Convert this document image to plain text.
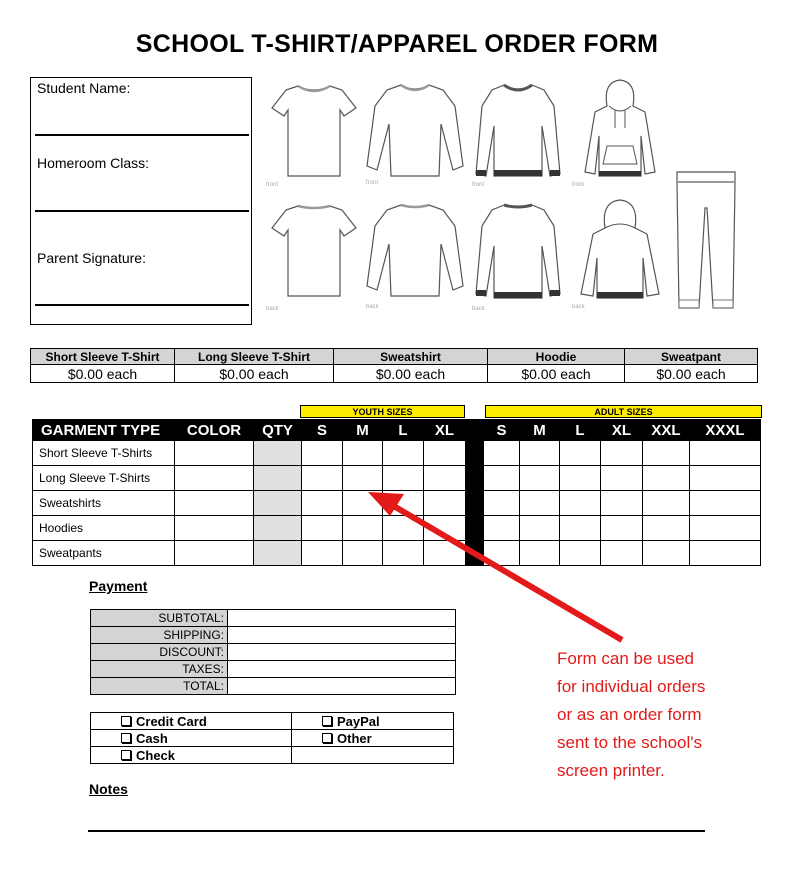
SCHOOL T-SHIRT/APPAREL ORDER FORM
Student Name:
Homeroom Class:
Parent Signature:
front	front	front	front
back	back	back	back
Short Sleeve T-Shirt	Long Sleeve T-Shirt	Sweatshirt	Hoodie	Sweatpant
$0.00 each	$0.00 each	$0.00 each	$0.00 each	$0.00 each
YOUTH SIZES	ADULT SIZES
GARMENT TYPE	COLOR	QTY	S	M	L	XL		S	M	L	XL	XXL	XXXL
Short Sleeve T-Shirts													
Long Sleeve T-Shirts													
Sweatshirts													
Hoodies													
Sweatpants													
Payment
SUBTOTAL:	
SHIPPING:	
DISCOUNT:	
TAXES:	
TOTAL:	
Credit Card	PayPal
Cash	Other
Check	
Notes
Form can be used
for individual orders
or as an order form
sent to the school's
screen printer.
